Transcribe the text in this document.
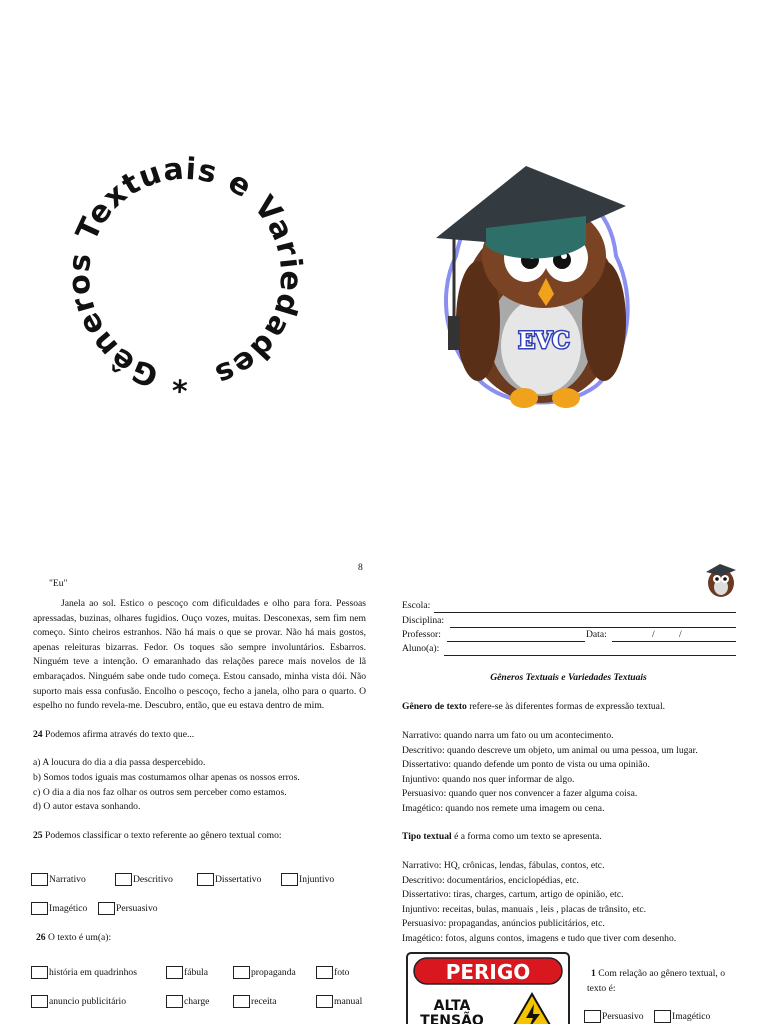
* Gêneros Textuais e Variedades
EVC
8
"Eu"

Janela ao sol. Estico o pescoço com dificuldades e olho para fora. Pessoas apressadas, buzinas, olhares fugidios. Ouço vozes, muitas. Desconexas, sem fim nem começo. Sinto cheiros estranhos. Não há mais o que se provar. Não há mais gostos, apenas releituras bizarras. Fedor. Os toques são sempre involuntários. Esbarros. Ninguém teve a intenção. O emaranhado das relações parece mais novelos de lã embaraçados. Ninguém sabe onde tudo começa. Estou cansado, minha vista dói. Não suporto mais essa confusão. Encolho o pescoço, fecho a janela, olho para o quarto. O espelho no fundo revela-me. Descubro, então, que eu estava dentro de mim.

24 Podemos afirma através do texto que...
a) A loucura do dia a dia passa despercebido.
b) Somos todos iguais mas costumamos olhar apenas os nossos erros.
c) O dia a dia nos faz olhar os outros sem perceber como estamos.
d) O autor estava sonhando.
25 Podemos classificar o texto referente ao gênero textual como:
Narrativo	Descritivo	Dissertativo	Injuntivo
Imagético	Persuasivo
26 O texto é um(a):
história em quadrinhos	fábula	propaganda	foto
anuncio publicitário	charge	receita	manual
Escola:
Disciplina:
Professor:	Data:	/	/
Aluno(a):
Gêneros Textuais e Variedades Textuais
Gênero de texto refere-se às diferentes formas de expressão textual.
Narrativo: quando narra um fato ou um acontecimento.
Descritivo: quando descreve um objeto, um animal ou uma pessoa, um lugar.
Dissertativo: quando defende um ponto de vista ou uma opinião.
Injuntivo: quando nos quer informar de algo.
Persuasivo: quando quer nos convencer a fazer alguma coisa.
Imagético: quando nos remete uma imagem ou cena.
Tipo textual é a forma como um texto se apresenta.
Narrativo: HQ, crônicas, lendas, fábulas, contos, etc.
Descritivo: documentários, enciclopédias, etc.
Dissertativo: tiras, charges, cartum, artigo de opinião, etc.
Injuntivo: receitas, bulas, manuais , leis , placas de trânsito, etc.
Persuasivo: propagandas, anúncios publicitários, etc.
Imagético: fotos, alguns contos, imagens e tudo que tiver com desenho.
PERIGO
ALTA
TENSÃO
1 Com relação ao gênero textual, o texto é:
Persuasivo	Imagético
